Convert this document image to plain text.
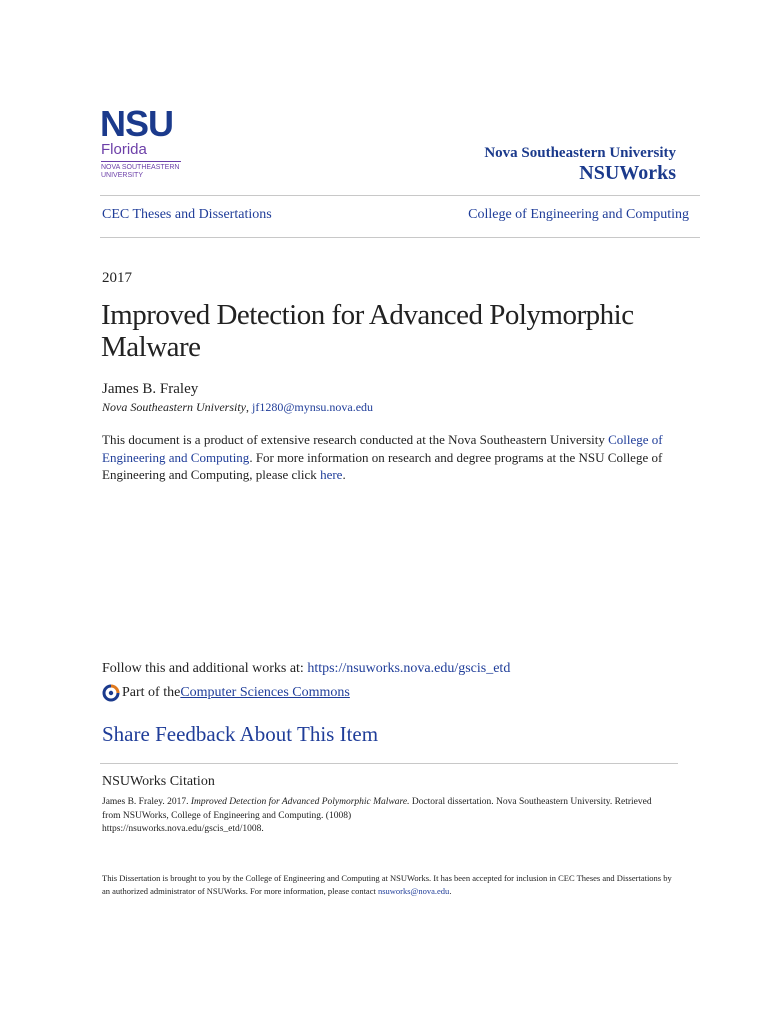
NSU
Florida
NOVA SOUTHEASTERN UNIVERSITY
Nova Southeastern University
NSUWorks
CEC Theses and Dissertations	College of Engineering and Computing
2017
Improved Detection for Advanced Polymorphic Malware
James B. Fraley
Nova Southeastern University, jf1280@mynsu.nova.edu
This document is a product of extensive research conducted at the Nova Southeastern University College of Engineering and Computing. For more information on research and degree programs at the NSU College of Engineering and Computing, please click here.
Follow this and additional works at: https://nsuworks.nova.edu/gscis_etd
Part of the Computer Sciences Commons
Share Feedback About This Item
NSUWorks Citation
James B. Fraley. 2017. Improved Detection for Advanced Polymorphic Malware. Doctoral dissertation. Nova Southeastern University. Retrieved from NSUWorks, College of Engineering and Computing. (1008)
https://nsuworks.nova.edu/gscis_etd/1008.
This Dissertation is brought to you by the College of Engineering and Computing at NSUWorks. It has been accepted for inclusion in CEC Theses and Dissertations by an authorized administrator of NSUWorks. For more information, please contact nsuworks@nova.edu.
